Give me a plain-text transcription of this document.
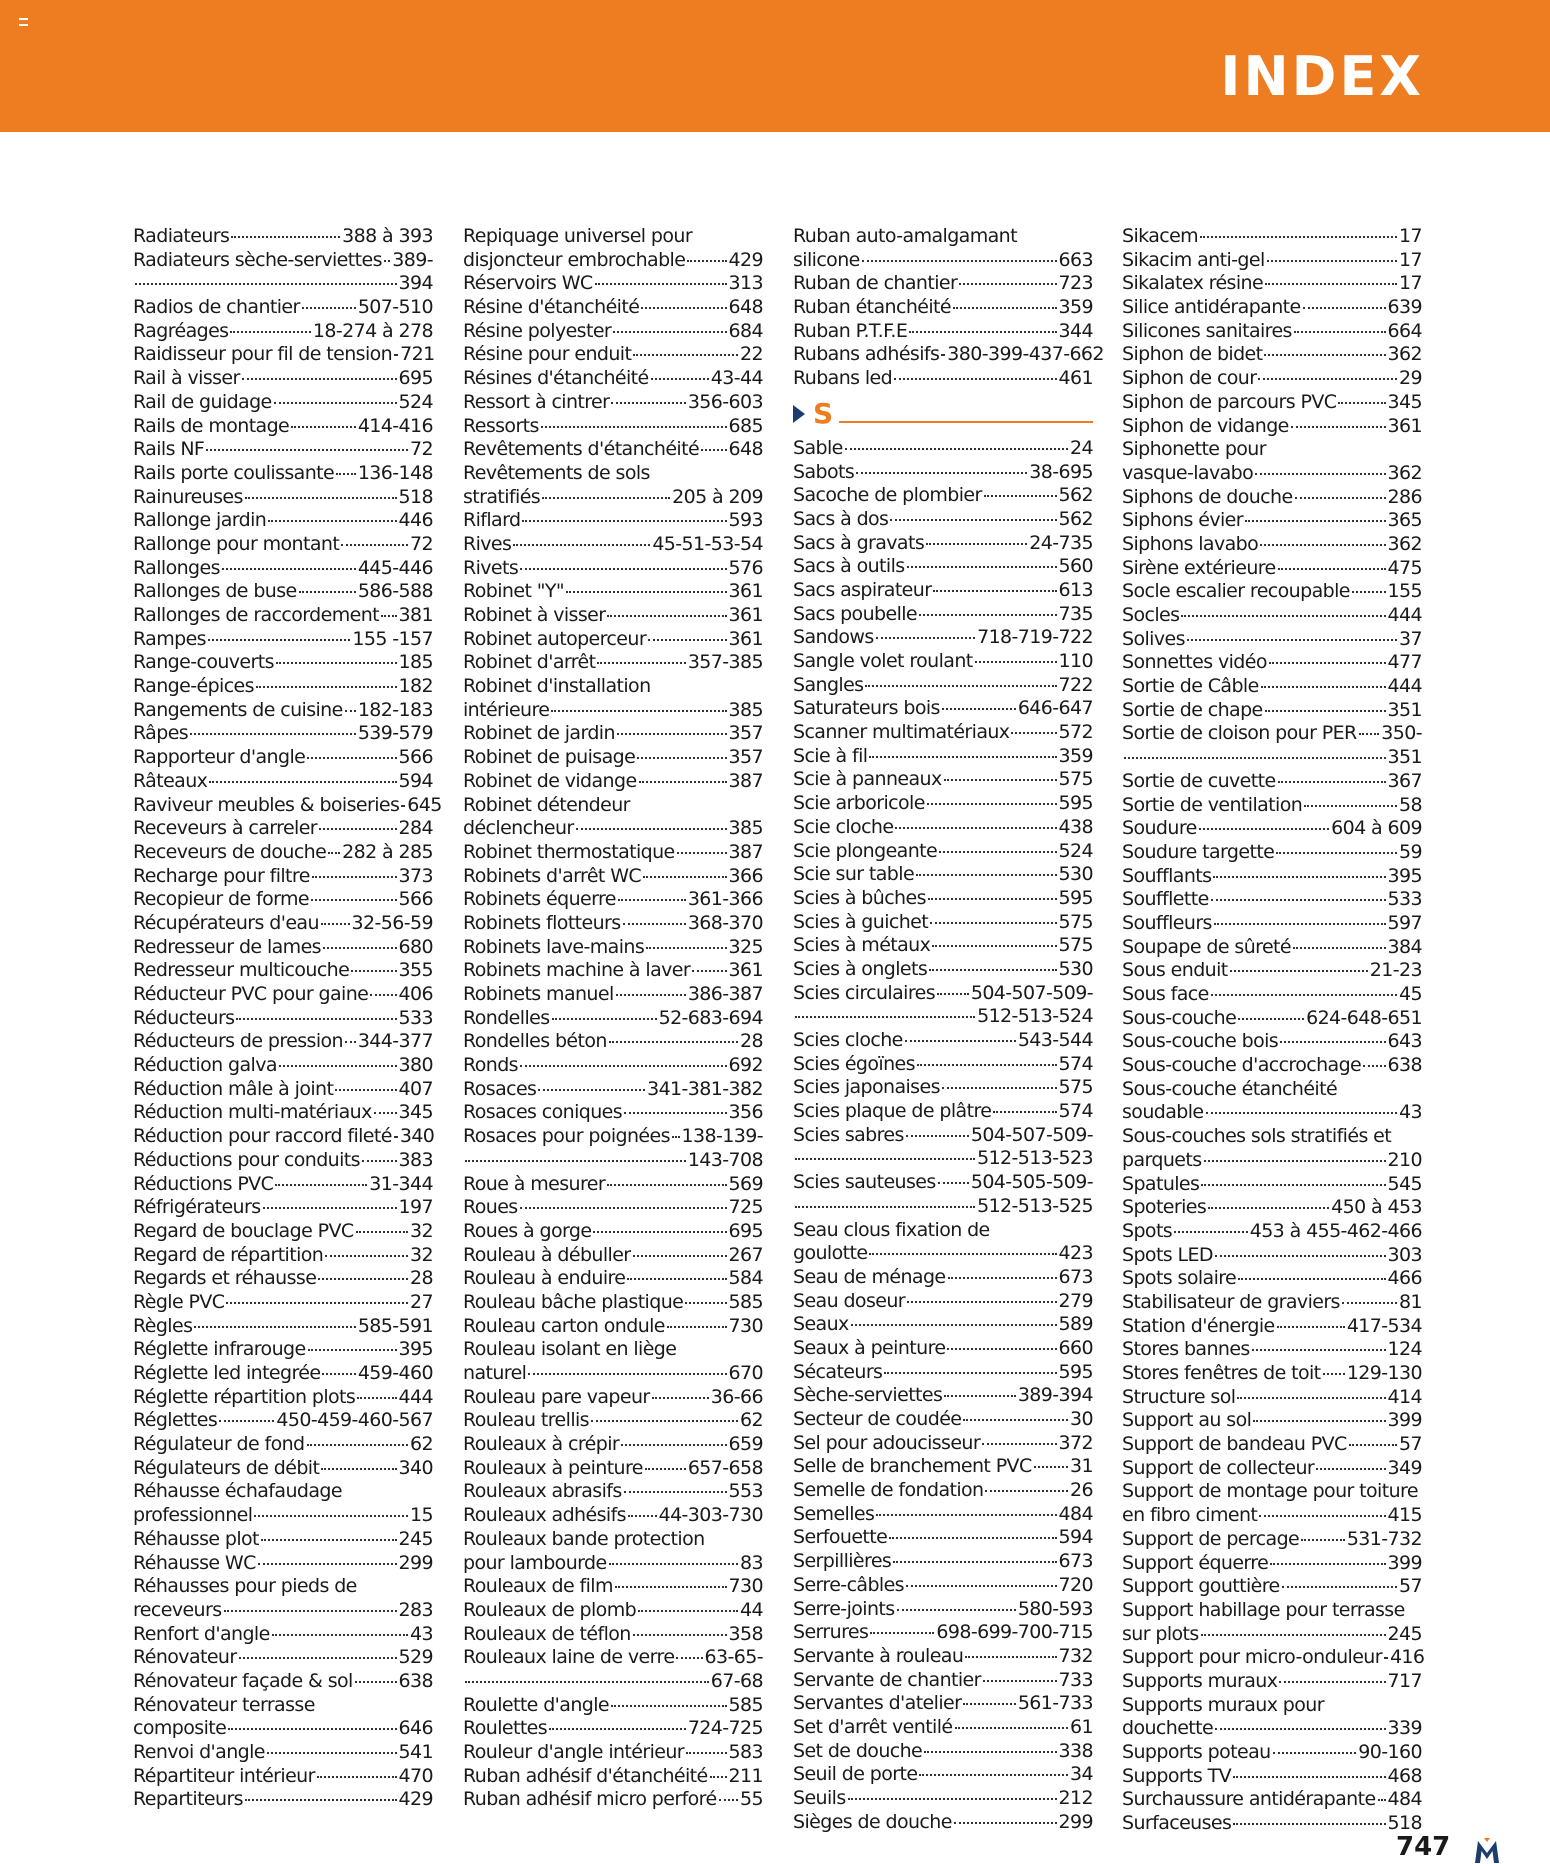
INDEX
Radiateurs	388 à 393
Radiateurs sèche-serviettes 389-
394
Radios de chantier	507-510
Ragréages	18-274 à 278
Raidisseur pour fil de tension 721
Rail à visser	695
Rail de guidage	524
Rails de montage	414-416
Rails NF	72
Rails porte coulissante 136-148
Rainureuses	518
Rallonge jardin	446
Rallonge pour montant	72
Rallonges	445-446
Rallonges de buse	586-588
Rallonges de raccordement 381
Rampes	155 -157
Range-couverts	185
Range-épices	182
Rangements de cuisine 182-183
Râpes	539-579
Rapporteur d'angle	566
Râteaux	594
Raviveur meubles & boiseries 645
Receveurs à carreler	284
Receveurs de douche 282 à 285
Recharge pour filtre	373
Recopieur de forme	566
Récupérateurs d'eau 32-56-59
Redresseur de lames	680
Redresseur multicouche	355
Réducteur PVC pour gaine 406
Réducteurs	533
Réducteurs de pression 344-377
Réduction galva	380
Réduction mâle à joint	407
Réduction multi-matériaux 345
Réduction pour raccord fileté 340
Réductions pour conduits 383
Réductions PVC	31-344
Réfrigérateurs	197
Regard de bouclage PVC	32
Regard de répartition	32
Regards et réhausse	28
Règle PVC	27
Règles	585-591
Réglette infrarouge	395
Réglette led integrée 459-460
Réglette répartition plots 444
Réglettes	450-459-460-567
Régulateur de fond	62
Régulateurs de débit	340
Réhausse échafaudage
professionnel	15
Réhausse plot	245
Réhausse WC	299
Réhausses pour pieds de
receveurs	283
Renfort d'angle	43
Rénovateur	529
Rénovateur façade & sol 638
Rénovateur terrasse
composite	646
Renvoi d'angle	541
Répartiteur intérieur	470
Repartiteurs	429
Repiquage universel pour
disjoncteur embrochable 429
Réservoirs WC	313
Résine d'étanchéité	648
Résine polyester	684
Résine pour enduit	22
Résines d'étanchéité	43-44
Ressort à cintrer	356-603
Ressorts	685
Revêtements d'étanchéité 648
Revêtements de sols
stratifiés	205 à 209
Riflard	593
Rives	45-51-53-54
Rivets	576
Robinet "Y"	361
Robinet à visser	361
Robinet autoperceur	361
Robinet d'arrêt	357-385
Robinet d'installation
intérieure	385
Robinet de jardin	357
Robinet de puisage	357
Robinet de vidange	387
Robinet détendeur
déclencheur	385
Robinet thermostatique	387
Robinets d'arrêt WC	366
Robinets équerre	361-366
Robinets flotteurs	368-370
Robinets lave-mains	325
Robinets machine à laver 361
Robinets manuel	386-387
Rondelles	52-683-694
Rondelles béton	28
Ronds	692
Rosaces	341-381-382
Rosaces coniques	356
Rosaces pour poignées 138-139-
143-708
Roue à mesurer	569
Roues	725
Roues à gorge	695
Rouleau à débuller	267
Rouleau à enduire	584
Rouleau bâche plastique 585
Rouleau carton ondule	730
Rouleau isolant en liège
naturel	670
Rouleau pare vapeur	36-66
Rouleau trellis	62
Rouleaux à crépir	659
Rouleaux à peinture 657-658
Rouleaux abrasifs	553
Rouleaux adhésifs 44-303-730
Rouleaux bande protection
pour lambourde	83
Rouleaux de film	730
Rouleaux de plomb	44
Rouleaux de téflon	358
Rouleaux laine de verre 63-65-
67-68
Roulette d'angle	585
Roulettes	724-725
Rouleur d'angle intérieur 583
Ruban adhésif d'étanchéité 211
Ruban adhésif micro perforé 55
Ruban auto-amalgamant
silicone	663
Ruban de chantier	723
Ruban étanchéité	359
Ruban P.T.F.E	344
Rubans adhésifs 380-399-437-662
Rubans led	461
S
Sable	24
Sabots	38-695
Sacoche de plombier	562
Sacs à dos	562
Sacs à gravats	24-735
Sacs à outils	560
Sacs aspirateur	613
Sacs poubelle	735
Sandows	718-719-722
Sangle volet roulant	110
Sangles	722
Saturateurs bois	646-647
Scanner multimatériaux	572
Scie à fil	359
Scie à panneaux	575
Scie arboricole	595
Scie cloche	438
Scie plongeante	524
Scie sur table	530
Scies à bûches	595
Scies à guichet	575
Scies à métaux	575
Scies à onglets	530
Scies circulaires 504-507-509-
512-513-524
Scies cloche	543-544
Scies égoïnes	574
Scies japonaises	575
Scies plaque de plâtre	574
Scies sabres	504-507-509-
512-513-523
Scies sauteuses 504-505-509-
512-513-525
Seau clous fixation de
goulotte	423
Seau de ménage	673
Seau doseur	279
Seaux	589
Seaux à peinture	660
Sécateurs	595
Sèche-serviettes	389-394
Secteur de coudée	30
Sel pour adoucisseur	372
Selle de branchement PVC 31
Semelle de fondation	26
Semelles	484
Serfouette	594
Serpillières	673
Serre-câbles	720
Serre-joints	580-593
Serrures	698-699-700-715
Servante à rouleau	732
Servante de chantier	733
Servantes d'atelier	561-733
Set d'arrêt ventilé	61
Set de douche	338
Seuil de porte	34
Seuils	212
Sièges de douche	299
Sikacem	17
Sikacim anti-gel	17
Sikalatex résine	17
Silice antidérapante	639
Silicones sanitaires	664
Siphon de bidet	362
Siphon de cour	29
Siphon de parcours PVC	345
Siphon de vidange	361
Siphonette pour
vasque-lavabo	362
Siphons de douche	286
Siphons évier	365
Siphons lavabo	362
Sirène extérieure	475
Socle escalier recoupable 155
Socles	444
Solives	37
Sonnettes vidéo	477
Sortie de Câble	444
Sortie de chape	351
Sortie de cloison pour PER 350-
351
Sortie de cuvette	367
Sortie de ventilation	58
Soudure	604 à 609
Soudure targette	59
Soufflants	395
Soufflette	533
Souffleurs	597
Soupape de sûreté	384
Sous enduit	21-23
Sous face	45
Sous-couche	624-648-651
Sous-couche bois	643
Sous-couche d'accrochage 638
Sous-couche étanchéité
soudable	43
Sous-couches sols stratifiés et
parquets	210
Spatules	545
Spoteries	450 à 453
Spots	453 à 455-462-466
Spots LED	303
Spots solaire	466
Stabilisateur de graviers	81
Station d'énergie	417-534
Stores bannes	124
Stores fenêtres de toit 129-130
Structure sol	414
Support au sol	399
Support de bandeau PVC	57
Support de collecteur	349
Support de montage pour toiture
en fibro ciment	415
Support de percage	531-732
Support équerre	399
Support gouttière	57
Support habillage pour terrasse
sur plots	245
Support pour micro-onduleur 416
Supports muraux	717
Supports muraux pour
douchette	339
Supports poteau	90-160
Supports TV	468
Surchaussure antidérapante 484
Surfaceuses	518
747
